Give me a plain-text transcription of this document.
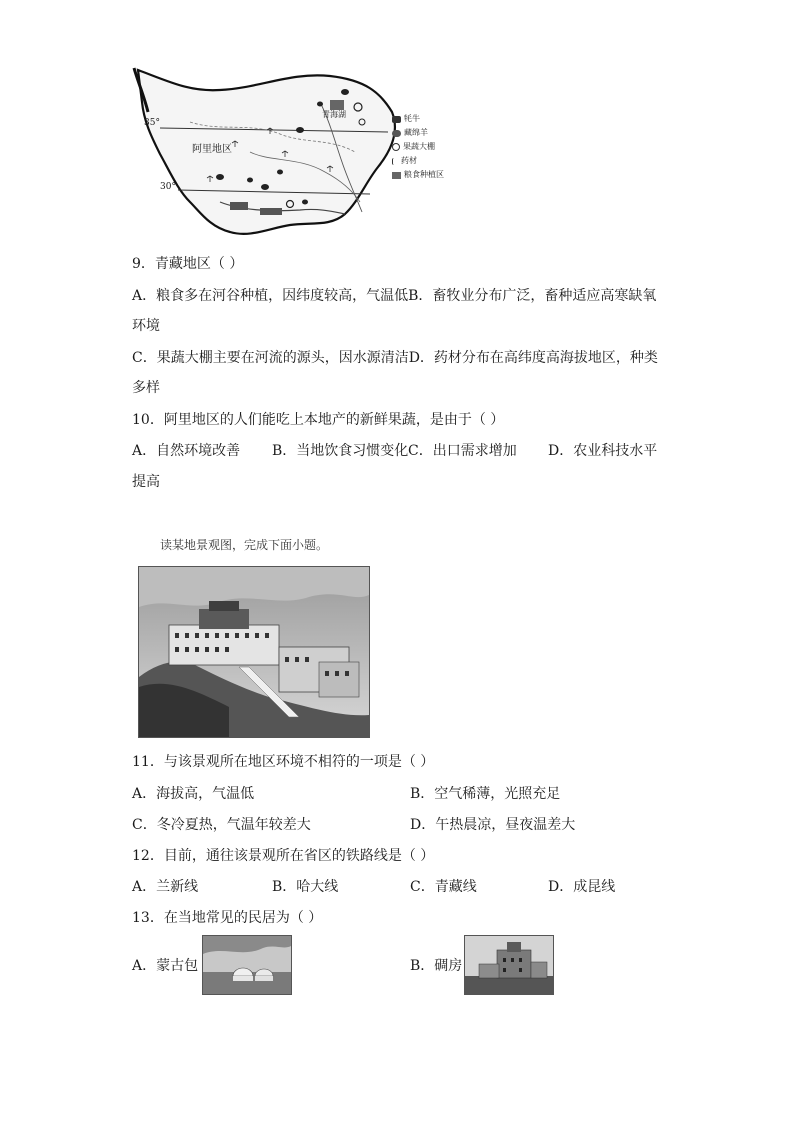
35°
30°
阿里地区
青海湖	牦牛
藏绵羊
果蔬大棚
药材
粮食种植区
9．青藏地区（ ）
A．粮食多在河谷种植，因纬度较高，气温低B．畜牧业分布广泛，畜种适应高寒缺氧
环境
C．果蔬大棚主要在河流的源头，因水源清洁D．药材分布在高纬度高海拔地区，种类
多样
10．阿里地区的人们能吃上本地产的新鲜果蔬，是由于（ ）
A．自然环境改善 B．当地饮食习惯变化 C．出口需求增加 D．农业科技水平
提高
读某地景观图，完成下面小题。
11．与该景观所在地区环境不相符的一项是（ ）
A．海拔高，气温低	B．空气稀薄，光照充足
C．冬冷夏热，气温年较差大	D．午热晨凉，昼夜温差大
12．目前，通往该景观所在省区的铁路线是（ ）
A．兰新线	B．哈大线	C．青藏线	D．成昆线
13．在当地常见的民居为（ ）
A．蒙古包	B．碉房
